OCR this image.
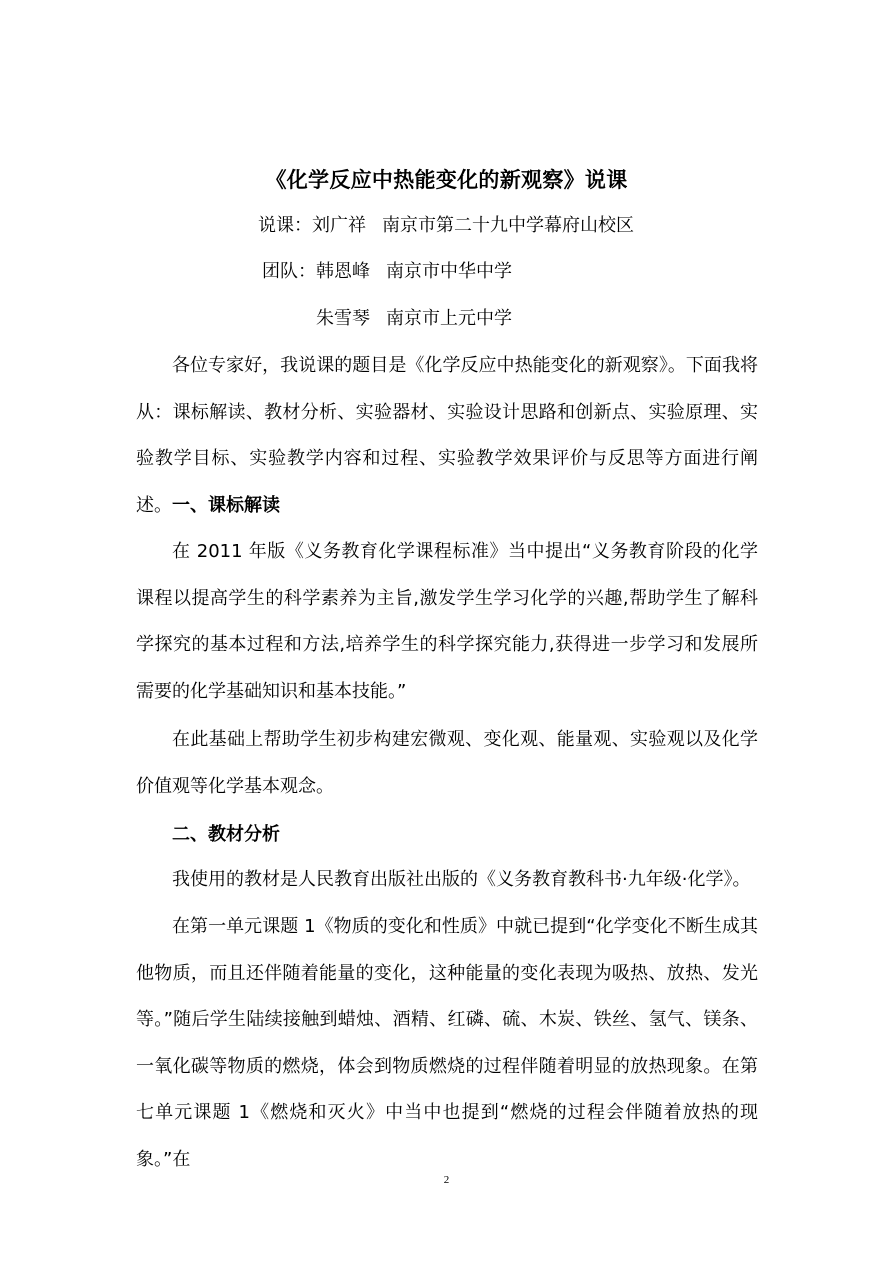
《化学反应中热能变化的新观察》说课
说课：刘广祥 南京市第二十九中学幕府山校区
团队：韩恩峰 南京市中华中学
朱雪琴 南京市上元中学

各位专家好，我说课的题目是《化学反应中热能变化的新观察》。下面我将从：课标解读、教材分析、实验器材、实验设计思路和创新点、实验原理、实验教学目标、实验教学内容和过程、实验教学效果评价与反思等方面进行阐述。 一、课标解读

在 2011 年版《义务教育化学课程标准》当中提出“义务教育阶段的化学课程以提高学生的科学素养为主旨,激发学生学习化学的兴趣,帮助学生了解科学探究的基本过程和方法,培养学生的科学探究能力,获得进一步学习和发展所需要的化学基础知识和基本技能。”

在此基础上帮助学生初步构建宏微观、变化观、能量观、实验观以及化学价值观等化学基本观念。

二、教材分析

我使用的教材是人民教育出版社出版的《义务教育教科书·九年级·化学》。

在第一单元课题 1《物质的变化和性质》中就已提到“化学变化不断生成其他物质，而且还伴随着能量的变化，这种能量的变化表现为吸热、放热、发光等。”随后学生陆续接触到蜡烛、酒精、红磷、硫、木炭、铁丝、氢气、镁条、一氧化碳等物质的燃烧，体会到物质燃烧的过程伴随着明显的放热现象。在第七单元课题 1《燃烧和灭火》中当中也提到“燃烧的过程会伴随着放热的现象。”在

2
